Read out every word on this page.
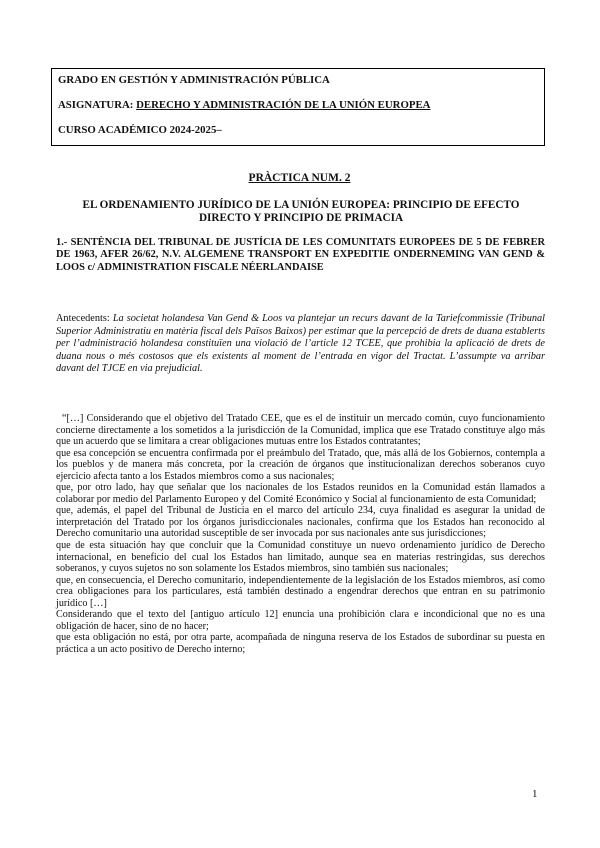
GRADO EN GESTIÓN Y ADMINISTRACIÓN PÚBLICA

ASIGNATURA: DERECHO Y ADMINISTRACIÓN DE LA UNIÓN EUROPEA

CURSO ACADÉMICO 2024-2025–

PRÀCTICA NUM. 2

EL ORDENAMIENTO JURÍDICO DE LA UNIÓN EUROPEA: PRINCIPIO DE EFECTO DIRECTO Y PRINCIPIO DE PRIMACIA

1.- SENTÈNCIA DEL TRIBUNAL DE JUSTÍCIA DE LES COMUNITATS EUROPEES DE 5 DE FEBRER DE 1963, AFER 26/62, N.V. ALGEMENE TRANSPORT EN EXPEDITIE ONDERNEMING VAN GEND & LOOS c/ ADMINISTRATION FISCALE NÉERLANDAISE

Antecedents: La societat holandesa Van Gend & Loos va plantejar un recurs davant de la Tariefcommissie (Tribunal Superior Administratiu en matèria fiscal dels Països Baixos) per estimar que la percepció de drets de duana establerts per l’administració holandesa constituïen una violació de l’article 12 TCEE, que prohibia la aplicació de drets de duana nous o més costosos que els existents al moment de l’entrada en vigor del Tractat. L’assumpte va arribar davant del TJCE en via prejudicial.

“[…] Considerando que el objetivo del Tratado CEE, que es el de instituir un mercado común, cuyo funcionamiento concierne directamente a los sometidos a la jurisdicción de la Comunidad, implica que ese Tratado constituye algo más que un acuerdo que se limitara a crear obligaciones mutuas entre los Estados contratantes;

que esa concepción se encuentra confirmada por el preámbulo del Tratado, que, más allá de los Gobiernos, contempla a los pueblos y de manera más concreta, por la creación de órganos que institucionalizan derechos soberanos cuyo ejercicio afecta tanto a los Estados miembros como a sus nacionales;

que, por otro lado, hay que señalar que los nacionales de los Estados reunidos en la Comunidad están llamados a colaborar por medio del Parlamento Europeo y del Comité Económico y Social al funcionamiento de esta Comunidad;

que, además, el papel del Tribunal de Justicia en el marco del artículo 234, cuya finalidad es asegurar la unidad de interpretación del Tratado por los órganos jurisdiccionales nacionales, confirma que los Estados han reconocido al Derecho comunitario una autoridad susceptible de ser invocada por sus nacionales ante sus jurisdicciones;

que de esta situación hay que concluir que la Comunidad constituye un nuevo ordenamiento jurídico de Derecho internacional, en beneficio del cual los Estados han limitado, aunque sea en materias restringidas, sus derechos soberanos, y cuyos sujetos no son solamente los Estados miembros, sino también sus nacionales;

que, en consecuencia, el Derecho comunitario, independientemente de la legislación de los Estados miembros, así como crea obligaciones para los particulares, está también destinado a engendrar derechos que entran en su patrimonio jurídico […]

Considerando que el texto del [antiguo artículo 12] enuncia una prohibición clara e incondicional que no es una obligación de hacer, sino de no hacer;

que esta obligación no está, por otra parte, acompañada de ninguna reserva de los Estados de subordinar su puesta en práctica a un acto positivo de Derecho interno;

1
